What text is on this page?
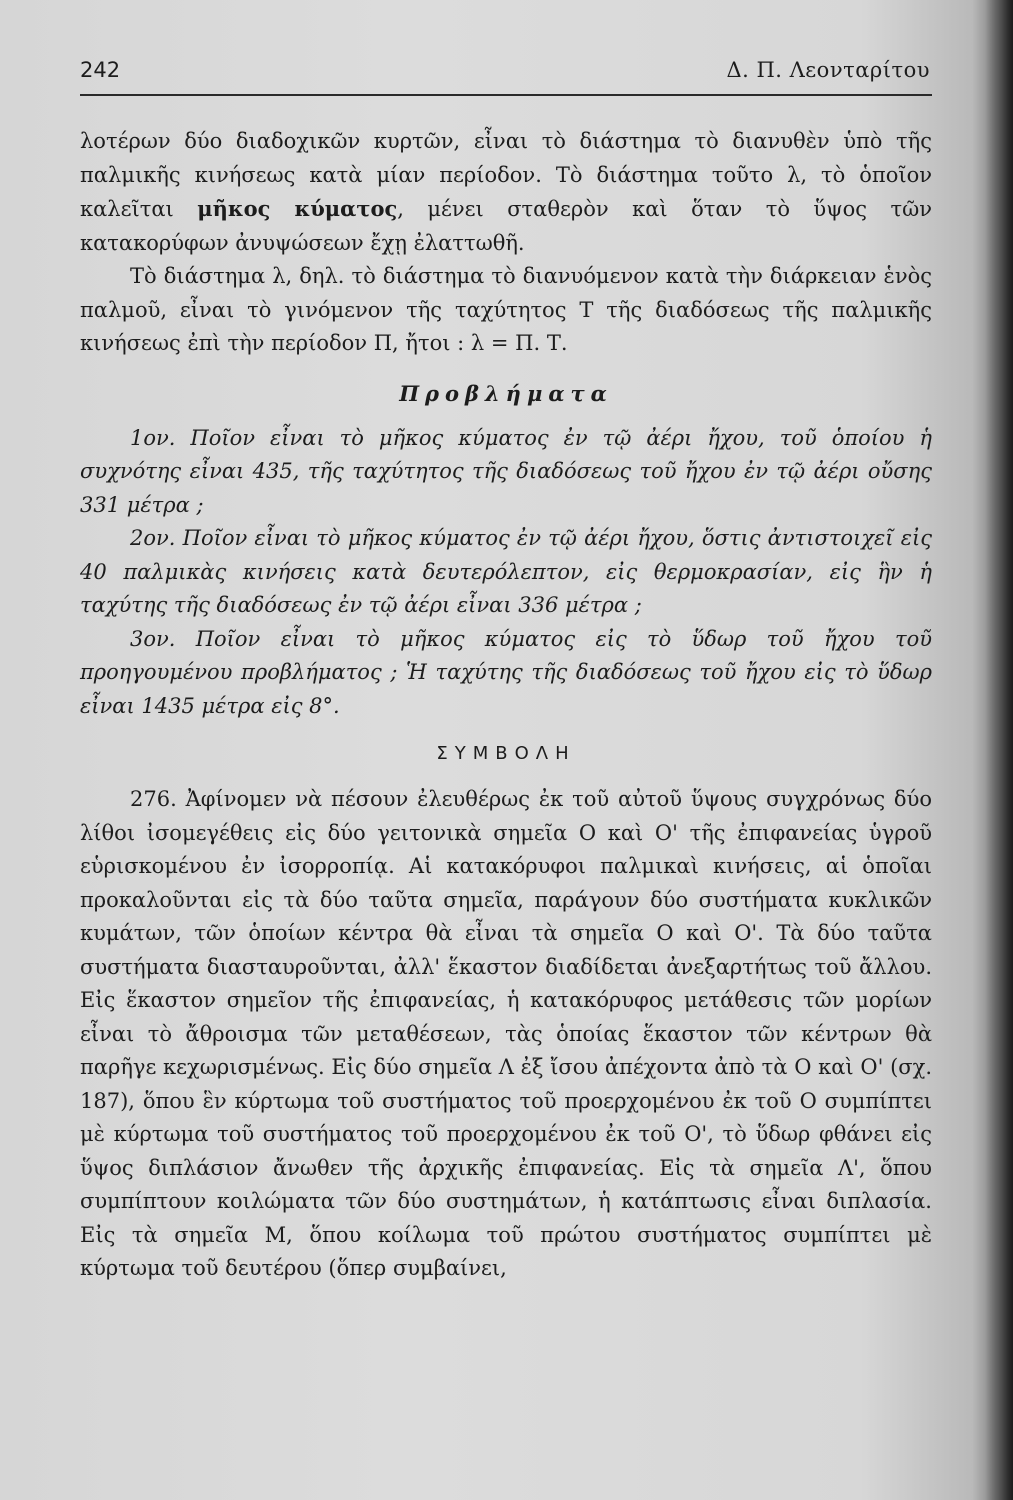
242	Δ. Π. Λεονταρίτου

λοτέρων δύο διαδοχικῶν κυρτῶν, εἶναι τὸ διάστημα τὸ διανυθὲν ὑπὸ τῆς παλμικῆς κινήσεως κατὰ μίαν περίοδον. Τὸ διάστημα τοῦτο λ, τὸ ὁποῖον καλεῖται μῆκος κύματος, μένει σταθερὸν καὶ ὅταν τὸ ὕψος τῶν κατακορύφων ἀνυψώσεων ἔχῃ ἐλαττωθῆ.

Τὸ διάστημα λ, δηλ. τὸ διάστημα τὸ διανυόμενον κατὰ τὴν διάρκειαν ἑνὸς παλμοῦ, εἶναι τὸ γινόμενον τῆς ταχύτητος Τ τῆς διαδόσεως τῆς παλμικῆς κινήσεως ἐπὶ τὴν περίοδον Π, ἤτοι : λ = Π. Τ.

Προβλήματα

1ον. Ποῖον εἶναι τὸ μῆκος κύματος ἐν τῷ ἀέρι ἤχου, τοῦ ὁποίου ἡ συχνότης εἶναι 435, τῆς ταχύτητος τῆς διαδόσεως τοῦ ἤχου ἐν τῷ ἀέρι οὔσης 331 μέτρα ;

2ον. Ποῖον εἶναι τὸ μῆκος κύματος ἐν τῷ ἀέρι ἤχου, ὅστις ἀντιστοιχεῖ εἰς 40 παλμικὰς κινήσεις κατὰ δευτερόλεπτον, εἰς θερμοκρασίαν, εἰς ἣν ἡ ταχύτης τῆς διαδόσεως ἐν τῷ ἀέρι εἶναι 336 μέτρα ;

3ον. Ποῖον εἶναι τὸ μῆκος κύματος εἰς τὸ ὕδωρ τοῦ ἤχου τοῦ προηγουμένου προβλήματος ; Ἡ ταχύτης τῆς διαδόσεως τοῦ ἤχου εἰς τὸ ὕδωρ εἶναι 1435 μέτρα εἰς 8°.

ΣΥΜΒΟΛΗ

276. Ἀφίνομεν νὰ πέσουν ἐλευθέρως ἐκ τοῦ αὐτοῦ ὕψους συγχρόνως δύο λίθοι ἰσομεγέθεις εἰς δύο γειτονικὰ σημεῖα Ο καὶ Ο' τῆς ἐπιφανείας ὑγροῦ εὑρισκομένου ἐν ἰσορροπίᾳ. Αἱ κατακόρυφοι παλμικαὶ κινήσεις, αἱ ὁποῖαι προκαλοῦνται εἰς τὰ δύο ταῦτα σημεῖα, παράγουν δύο συστήματα κυκλικῶν κυμάτων, τῶν ὁποίων κέντρα θὰ εἶναι τὰ σημεῖα Ο καὶ Ο'. Τὰ δύο ταῦτα συστήματα διασταυροῦνται, ἀλλ' ἕκαστον διαδίδεται ἀνεξαρτήτως τοῦ ἄλλου. Εἰς ἕκαστον σημεῖον τῆς ἐπιφανείας, ἡ κατακόρυφος μετάθεσις τῶν μορίων εἶναι τὸ ἄθροισμα τῶν μεταθέσεων, τὰς ὁποίας ἕκαστον τῶν κέντρων θὰ παρῆγε κεχωρισμένως. Εἰς δύο σημεῖα Λ ἐξ ἴσου ἀπέχοντα ἀπὸ τὰ Ο καὶ Ο' (σχ. 187), ὅπου ἓν κύρτωμα τοῦ συστήματος τοῦ προερχομένου ἐκ τοῦ Ο συμπίπτει μὲ κύρτωμα τοῦ συστήματος τοῦ προερχομένου ἐκ τοῦ Ο', τὸ ὕδωρ φθάνει εἰς ὕψος διπλάσιον ἄνωθεν τῆς ἀρχικῆς ἐπιφανείας. Εἰς τὰ σημεῖα Λ', ὅπου συμπίπτουν κοιλώματα τῶν δύο συστημάτων, ἡ κατάπτωσις εἶναι διπλασία. Εἰς τὰ σημεῖα Μ, ὅπου κοίλωμα τοῦ πρώτου συστήματος συμπίπτει μὲ κύρτωμα τοῦ δευτέρου (ὅπερ συμβαίνει,
